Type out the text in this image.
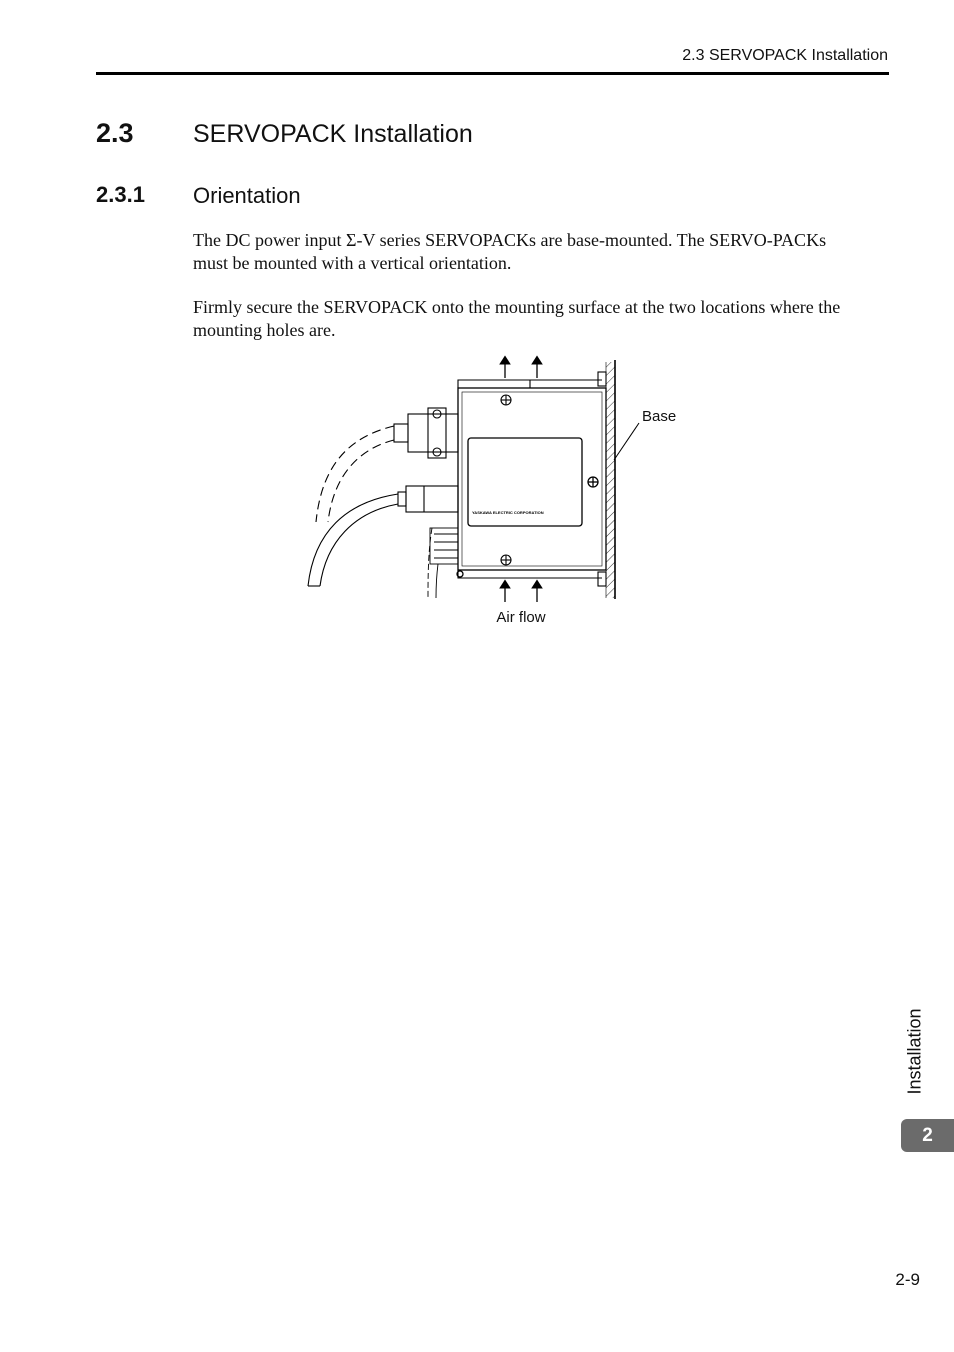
2.3 SERVOPACK Installation
2.3 SERVOPACK Installation
2.3.1 Orientation

The DC power input Σ-V series SERVOPACKs are base-mounted. The SERVO-PACKs must be mounted with a vertical orientation.

Firmly secure the SERVOPACK onto the mounting surface at the two locations where the mounting holes are.

YASKAWA ELECTRIC CORPORATION
Base
Air flow
Installation
2
2-9
